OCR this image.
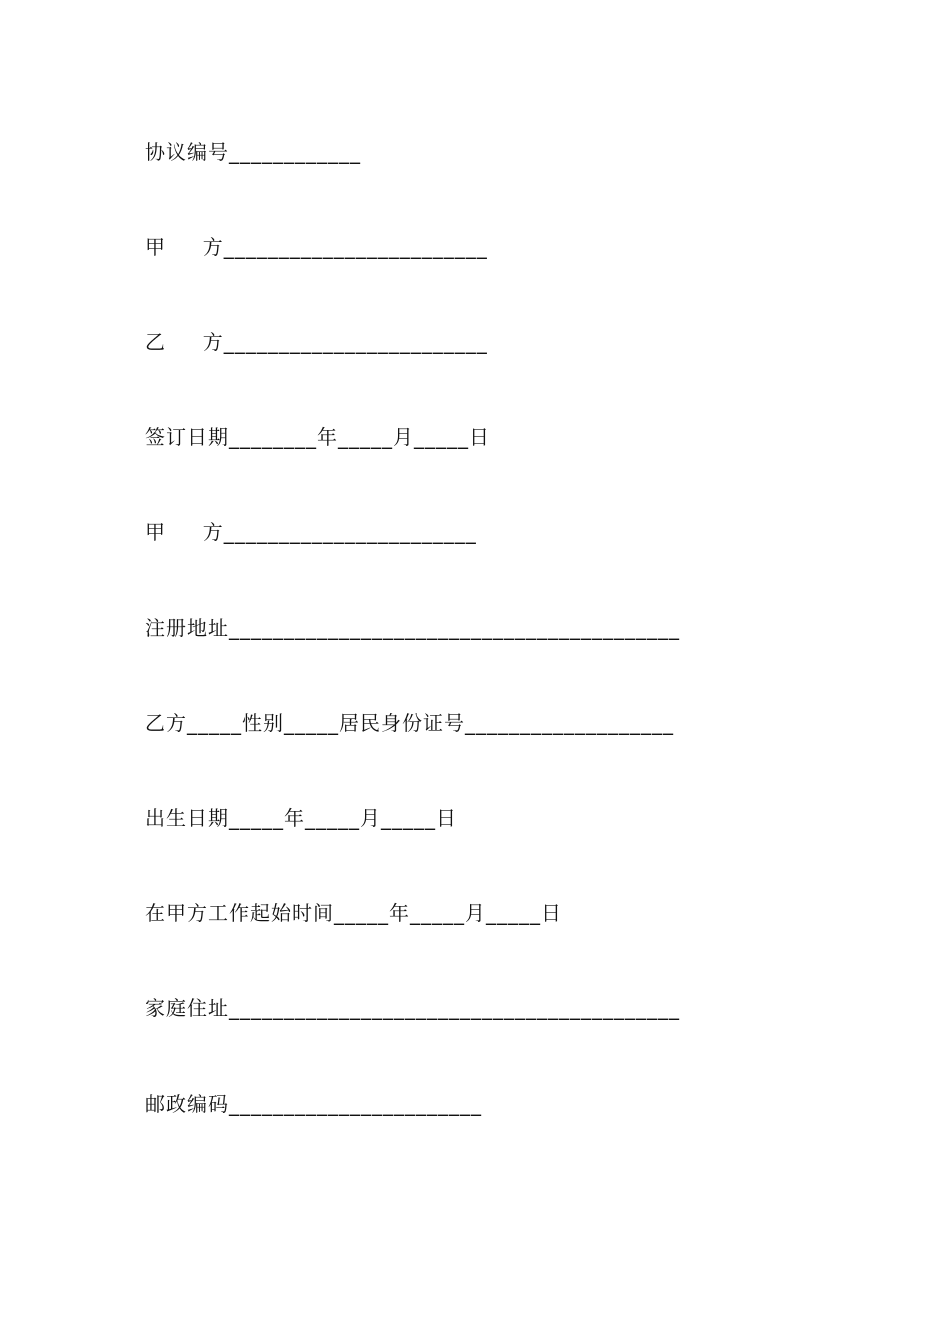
协议编号____________
甲     方________________________
乙     方________________________
签订日期________年_____月_____日
甲     方_______________________
注册地址_________________________________________
乙方_____性别_____居民身份证号___________________
出生日期_____年_____月_____日
在甲方工作起始时间_____年_____月_____日
家庭住址_________________________________________
邮政编码_______________________
